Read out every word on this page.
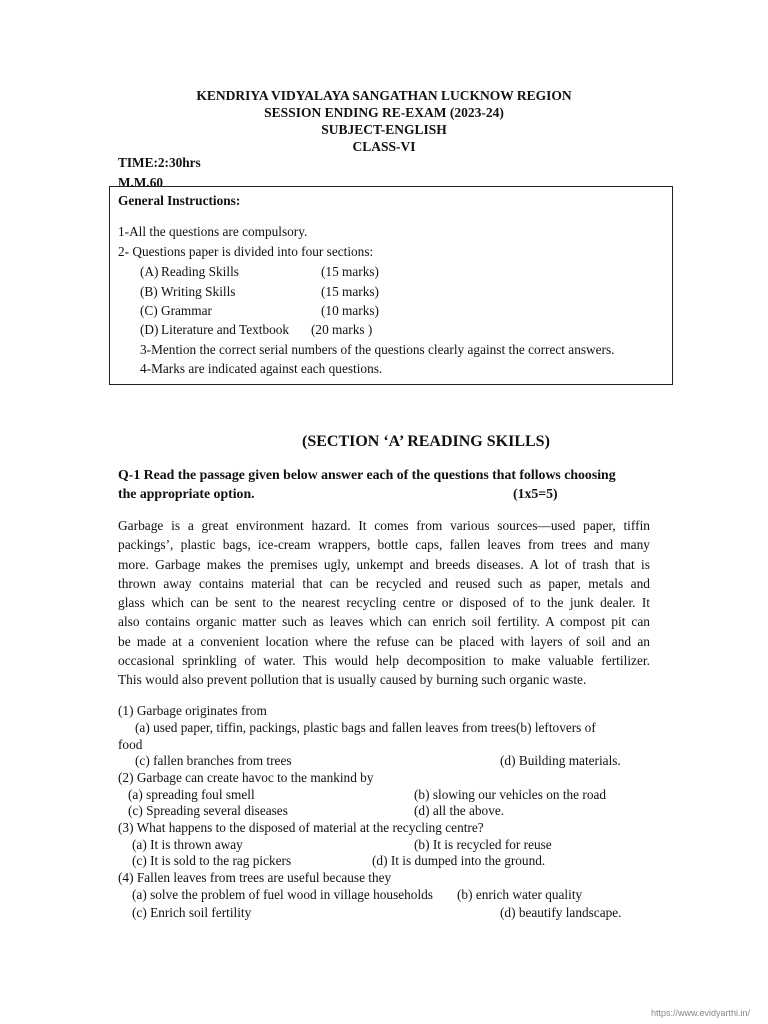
KENDRIYA VIDYALAYA SANGATHAN LUCKNOW REGION
SESSION ENDING RE-EXAM (2023-24)
SUBJECT-ENGLISH
CLASS-VI
TIME:2:30hrs
M.M.60
General Instructions:
1-All the questions are compulsory.
2- Questions paper is divided into four sections:
(A) Reading Skills	(15 marks)
(B) Writing Skills	(15 marks)
(C) Grammar	(10 marks)
(D) Literature and Textbook (20 marks )
3-Mention the correct serial numbers of the questions clearly against the correct answers.
4-Marks are indicated against each questions.
(SECTION ‘A’ READING SKILLS)
Q-1 Read the passage given below answer each of the questions that follows choosing
the appropriate option.	(1x5=5)
Garbage is a great environment hazard. It comes from various sources—used paper, tiffin
packings’, plastic bags, ice-cream wrappers, bottle caps, fallen leaves from trees and many
more. Garbage makes the premises ugly, unkempt and breeds diseases. A lot of trash that is
thrown away contains material that can be recycled and reused such as paper, metals and
glass which can be sent to the nearest recycling centre or disposed of to the junk dealer. It
also contains organic matter such as leaves which can enrich soil fertility. A compost pit can
be made at a convenient location where the refuse can be placed with layers of soil and an
occasional sprinkling of water. This would help decomposition to make valuable fertilizer.
This would also prevent pollution that is usually caused by burning such organic waste.
(1) Garbage originates from
(a) used paper, tiffin, packings, plastic bags and fallen leaves from trees(b) leftovers of
food
(c) fallen branches from trees	(d) Building materials.
(2) Garbage can create havoc to the mankind by
(a) spreading foul smell	(b) slowing our vehicles on the road
(c) Spreading several diseases	(d) all the above.
(3) What happens to the disposed of material at the recycling centre?
(a) It is thrown away	(b) It is recycled for reuse
(c) It is sold to the rag pickers	(d) It is dumped into the ground.
(4) Fallen leaves from trees are useful because they
(a) solve the problem of fuel wood in village households (b) enrich water quality
(c) Enrich soil fertility	(d) beautify landscape.
https://www.evidyarthi.in/
